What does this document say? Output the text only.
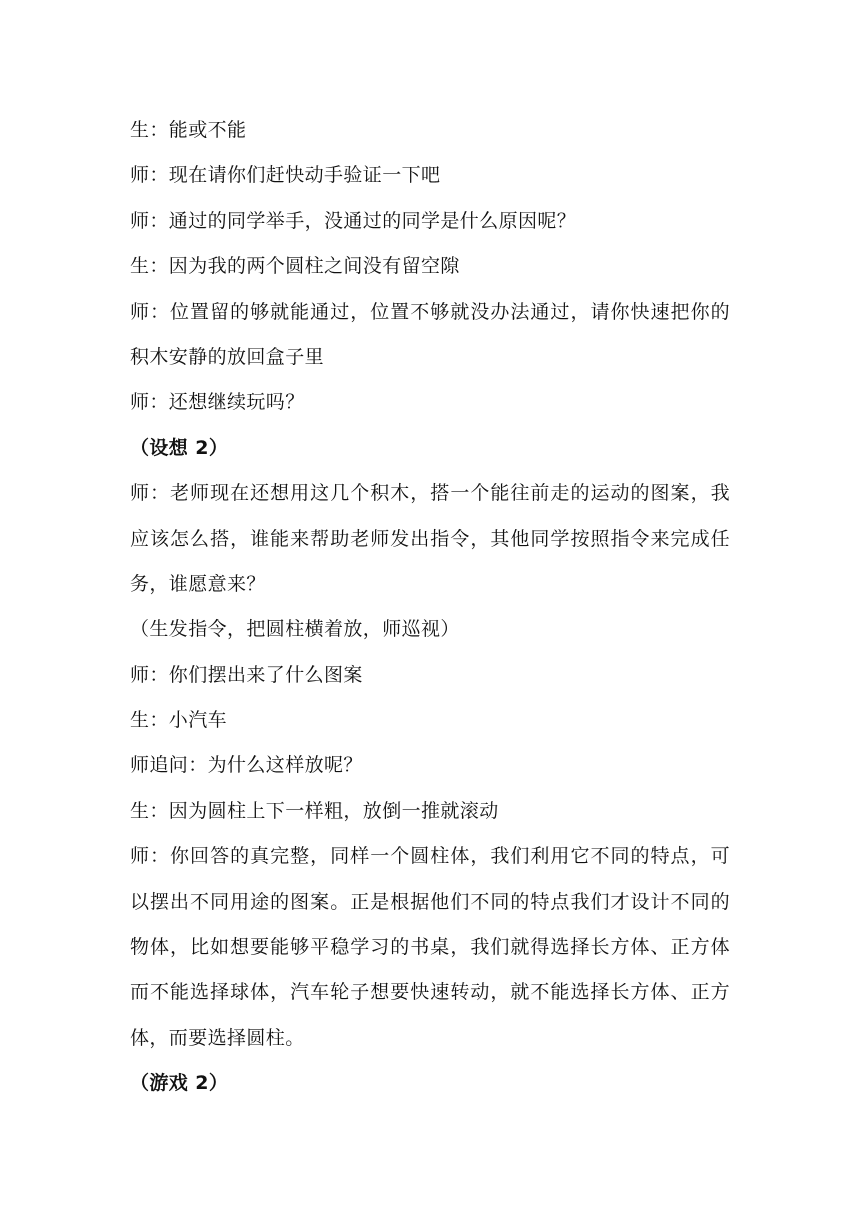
生：能或不能
师：现在请你们赶快动手验证一下吧
师：通过的同学举手，没通过的同学是什么原因呢？
生：因为我的两个圆柱之间没有留空隙
师：位置留的够就能通过，位置不够就没办法通过，请你快速把你的
积木安静的放回盒子里
师：还想继续玩吗？
（设想 2）
师：老师现在还想用这几个积木，搭一个能往前走的运动的图案，我
应该怎么搭，谁能来帮助老师发出指令，其他同学按照指令来完成任
务，谁愿意来？
（生发指令，把圆柱横着放，师巡视）
师：你们摆出来了什么图案
生：小汽车
师追问：为什么这样放呢？
生：因为圆柱上下一样粗，放倒一推就滚动
师：你回答的真完整，同样一个圆柱体，我们利用它不同的特点，可
以摆出不同用途的图案。正是根据他们不同的特点我们才设计不同的
物体，比如想要能够平稳学习的书桌，我们就得选择长方体、正方体
而不能选择球体，汽车轮子想要快速转动，就不能选择长方体、正方
体，而要选择圆柱。
（游戏 2）
